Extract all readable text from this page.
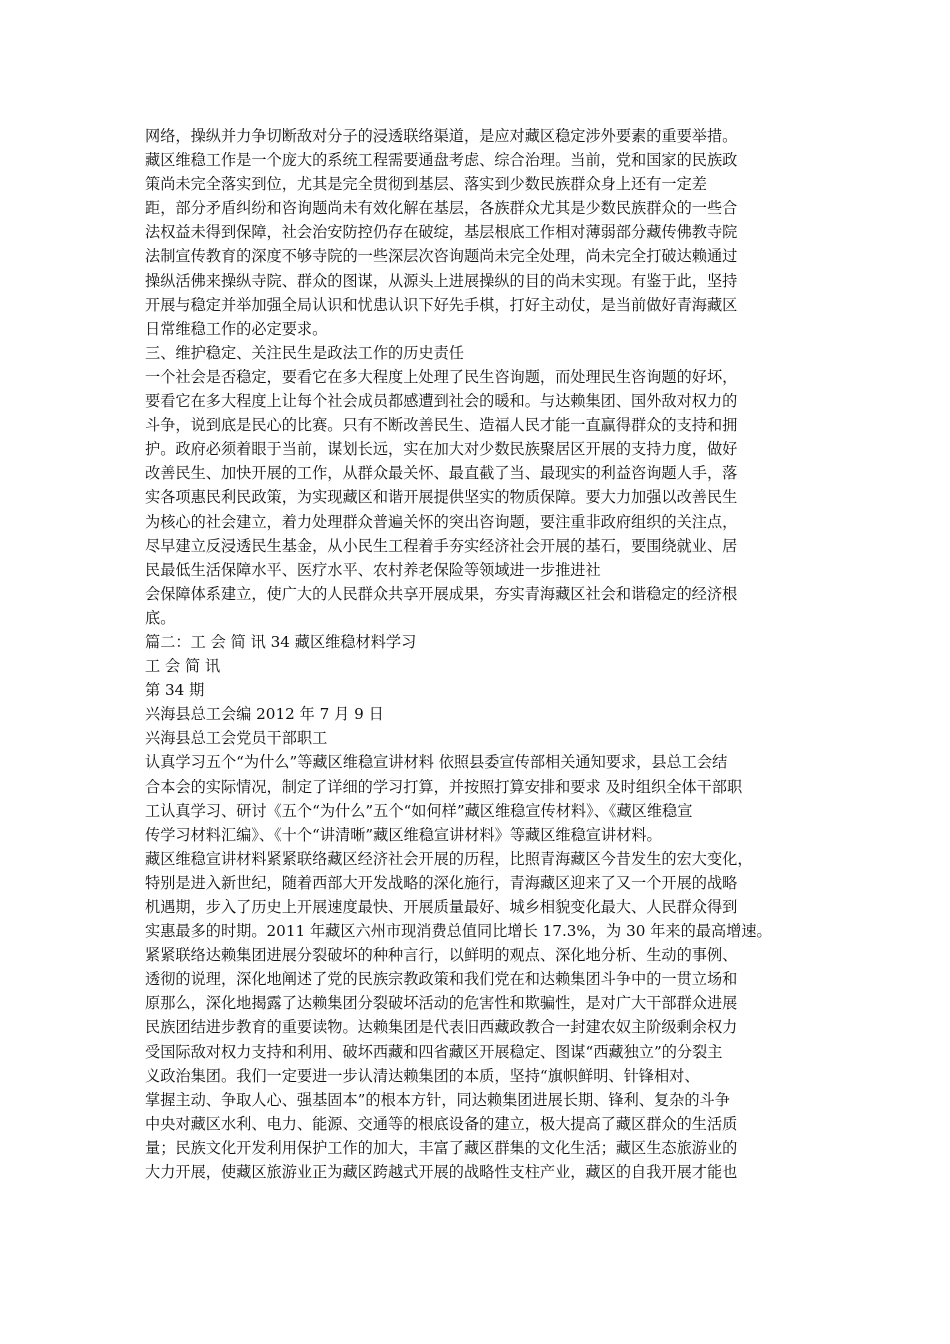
网络，操纵并力争切断敌对分子的浸透联络渠道，是应对藏区稳定涉外要素的重要举措。
藏区维稳工作是一个庞大的系统工程需要通盘考虑、综合治理。当前，党和国家的民族政
策尚未完全落实到位，尤其是完全贯彻到基层、落实到少数民族群众身上还有一定差
距，部分矛盾纠纷和咨询题尚未有效化解在基层，各族群众尤其是少数民族群众的一些合
法权益未得到保障，社会治安防控仍存在破绽，基层根底工作相对薄弱部分藏传佛教寺院
法制宣传教育的深度不够寺院的一些深层次咨询题尚未完全处理，尚未完全打破达赖通过
操纵活佛来操纵寺院、群众的图谋，从源头上进展操纵的目的尚未实现。有鉴于此，坚持
开展与稳定并举加强全局认识和忧患认识下好先手棋，打好主动仗，是当前做好青海藏区
日常维稳工作的必定要求。
三、维护稳定、关注民生是政法工作的历史责任
一个社会是否稳定，要看它在多大程度上处理了民生咨询题，而处理民生咨询题的好坏，
要看它在多大程度上让每个社会成员都感遭到社会的暖和。与达赖集团、国外敌对权力的
斗争，说到底是民心的比赛。只有不断改善民生、造福人民才能一直赢得群众的支持和拥
护。政府必须着眼于当前，谋划长远，实在加大对少数民族聚居区开展的支持力度，做好
改善民生、加快开展的工作，从群众最关怀、最直截了当、最现实的利益咨询题人手，落
实各项惠民利民政策，为实现藏区和谐开展提供坚实的物质保障。要大力加强以改善民生
为核心的社会建立，着力处理群众普遍关怀的突出咨询题，要注重非政府组织的关注点，
尽早建立反浸透民生基金，从小民生工程着手夯实经济社会开展的基石，要围绕就业、居
民最低生活保障水平、医疗水平、农村养老保险等领域进一步推进社
会保障体系建立，使广大的人民群众共享开展成果，夯实青海藏区社会和谐稳定的经济根
底。
篇二：工 会 简 讯 34 藏区维稳材料学习
工 会 简 讯
第 34 期
兴海县总工会编 2012 年 7 月 9 日
兴海县总工会党员干部职工
认真学习五个“为什么”等藏区维稳宣讲材料 依照县委宣传部相关通知要求，县总工会结
合本会的实际情况，制定了详细的学习打算，并按照打算安排和要求 及时组织全体干部职
工认真学习、研讨《五个“为什么”五个“如何样”藏区维稳宣传材料》、《藏区维稳宣
传学习材料汇编》、《十个“讲清晰”藏区维稳宣讲材料》等藏区维稳宣讲材料。
藏区维稳宣讲材料紧紧联络藏区经济社会开展的历程，比照青海藏区今昔发生的宏大变化，
特别是进入新世纪，随着西部大开发战略的深化施行，青海藏区迎来了又一个开展的战略
机遇期，步入了历史上开展速度最快、开展质量最好、城乡相貌变化最大、人民群众得到
实惠最多的时期。2011 年藏区六州市现消费总值同比增长 17.3%，为 30 年来的最高增速。
紧紧联络达赖集团进展分裂破坏的种种言行，以鲜明的观点、深化地分析、生动的事例、
透彻的说理，深化地阐述了党的民族宗教政策和我们党在和达赖集团斗争中的一贯立场和
原那么，深化地揭露了达赖集团分裂破坏活动的危害性和欺骗性，是对广大干部群众进展
民族团结进步教育的重要读物。达赖集团是代表旧西藏政教合一封建农奴主阶级剩余权力
受国际敌对权力支持和利用、破坏西藏和四省藏区开展稳定、图谋“西藏独立”的分裂主
义政治集团。我们一定要进一步认清达赖集团的本质，坚持“旗帜鲜明、针锋相对、
掌握主动、争取人心、强基固本”的根本方针，同达赖集团进展长期、锋利、复杂的斗争
中央对藏区水利、电力、能源、交通等的根底设备的建立，极大提高了藏区群众的生活质
量；民族文化开发利用保护工作的加大，丰富了藏区群集的文化生活；藏区生态旅游业的
大力开展，使藏区旅游业正为藏区跨越式开展的战略性支柱产业，藏区的自我开展才能也
